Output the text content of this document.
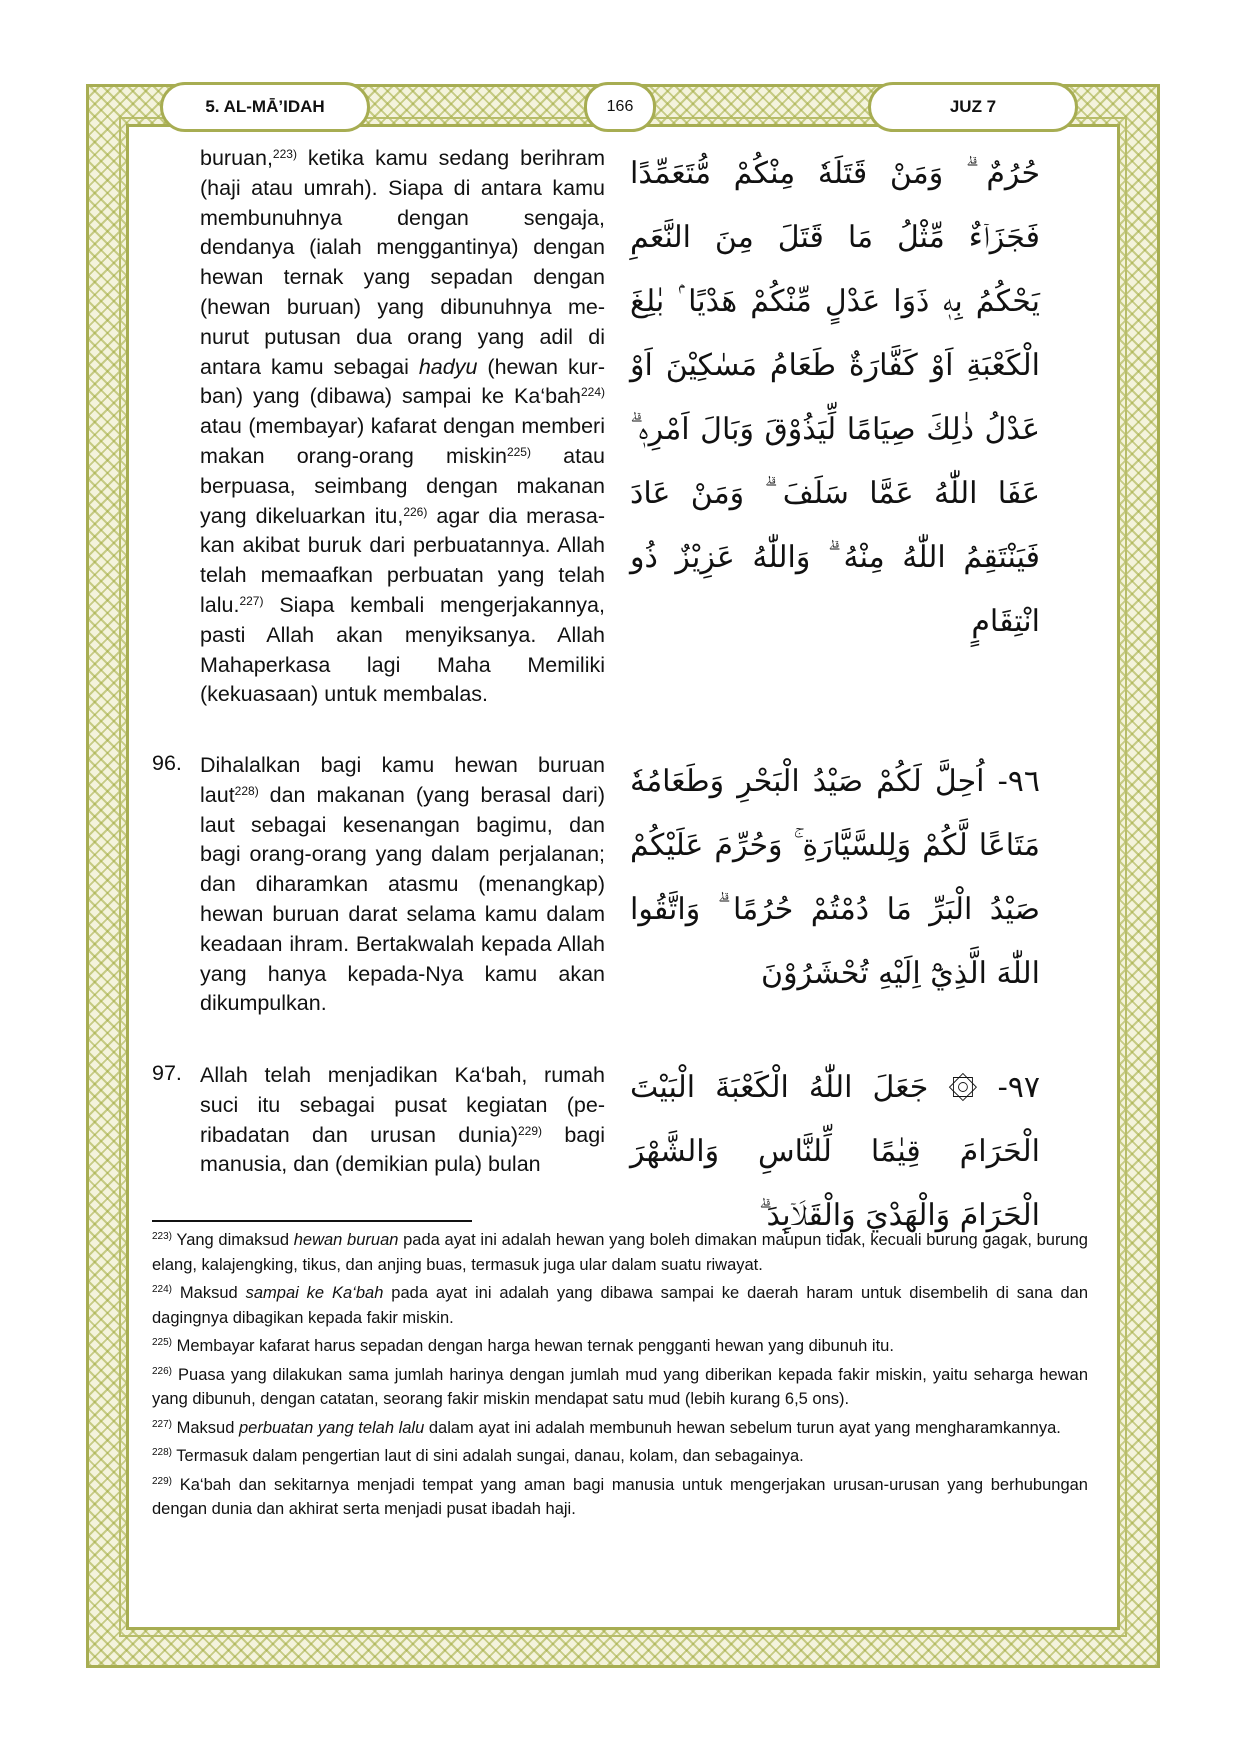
5. AL-MĀ’IDAH	166	JUZ 7
buruan,$^{223)}$ ketika kamu sedang berihram (haji atau umrah). Siapa di antara kamu membunuhnya dengan sengaja, dendanya (ialah menggantinya) dengan hewan ternak yang sepadan dengan (hewan buruan) yang dibunuhnya menurut putusan dua orang yang adil di antara kamu sebagai hadyu (hewan kurban) yang (dibawa) sampai ke Ka‘bah$^{224)}$ atau (membayar) kafarat dengan memberi makan orang-orang miskin$^{225)}$ atau berpuasa, seimbang dengan makanan yang dikeluarkan itu,$^{226)}$ agar dia merasakan akibat buruk dari perbuatannya. Allah telah memaafkan perbuatan yang telah lalu.$^{227)}$ Siapa kembali mengerjakannya, pasti Allah akan menyiksanya. Allah Mahaperkasa lagi Maha Memiliki (kekuasaan) untuk membalas.
حُرُمٌ ۗ وَمَنْ قَتَلَهٗ مِنْكُمْ مُّتَعَمِّدًا فَجَزَاۤءٌ مِّثْلُ مَا قَتَلَ مِنَ النَّعَمِ يَحْكُمُ بِهٖ ذَوَا عَدْلٍ مِّنْكُمْ هَدْيًا ۢ بٰلِغَ الْكَعْبَةِ اَوْ كَفَّارَةٌ طَعَامُ مَسٰكِيْنَ اَوْ عَدْلُ ذٰلِكَ صِيَامًا لِّيَذُوْقَ وَبَالَ اَمْرِهٖ ۗ عَفَا اللّٰهُ عَمَّا سَلَفَ ۗ وَمَنْ عَادَ فَيَنْتَقِمُ اللّٰهُ مِنْهُ ۗ وَاللّٰهُ عَزِيْزٌ ذُو انْتِقَامٍ
96. Dihalalkan bagi kamu hewan buruan laut$^{228)}$ dan makanan (yang berasal dari) laut sebagai kesenangan bagimu, dan bagi orang-orang yang dalam perjalanan; dan diharamkan atasmu (menangkap) hewan buruan darat selama kamu dalam keadaan ihram. Bertakwalah kepada Allah yang hanya kepada-Nya kamu akan dikumpulkan.
٩٦- اُحِلَّ لَكُمْ صَيْدُ الْبَحْرِ وَطَعَامُهٗ مَتَاعًا لَّكُمْ وَلِلسَّيَّارَةِ ۚ وَحُرِّمَ عَلَيْكُمْ صَيْدُ الْبَرِّ مَا دُمْتُمْ حُرُمًا ۗ وَاتَّقُوا اللّٰهَ الَّذِيْٓ اِلَيْهِ تُحْشَرُوْنَ
97. Allah telah menjadikan Ka‘bah, rumah suci itu sebagai pusat kegiatan (peribadatan dan urusan dunia)$^{229)}$ bagi manusia, dan (demikian pula) bulan
٩٧- ۞ جَعَلَ اللّٰهُ الْكَعْبَةَ الْبَيْتَ الْحَرَامَ قِيٰمًا لِّلنَّاسِ وَالشَّهْرَ الْحَرَامَ وَالْهَدْيَ وَالْقَلَاۤىِٕدَ ۗ
$^{223)}$ Yang dimaksud hewan buruan pada ayat ini adalah hewan yang boleh dimakan maupun tidak, kecuali burung gagak, burung elang, kalajengking, tikus, dan anjing buas, termasuk juga ular dalam suatu riwayat.
$^{224)}$ Maksud sampai ke Ka‘bah pada ayat ini adalah yang dibawa sampai ke daerah haram untuk disembelih di sana dan dagingnya dibagikan kepada fakir miskin.
$^{225)}$ Membayar kafarat harus sepadan dengan harga hewan ternak pengganti hewan yang dibunuh itu.
$^{226)}$ Puasa yang dilakukan sama jumlah harinya dengan jumlah mud yang diberikan kepada fakir miskin, yaitu seharga hewan yang dibunuh, dengan catatan, seorang fakir miskin mendapat satu mud (lebih kurang 6,5 ons).
$^{227)}$ Maksud perbuatan yang telah lalu dalam ayat ini adalah membunuh hewan sebelum turun ayat yang mengharamkannya.
$^{228)}$ Termasuk dalam pengertian laut di sini adalah sungai, danau, kolam, dan sebagainya.
$^{229)}$ Ka‘bah dan sekitarnya menjadi tempat yang aman bagi manusia untuk mengerjakan urusan-urusan yang berhubungan dengan dunia dan akhirat serta menjadi pusat ibadah haji.
